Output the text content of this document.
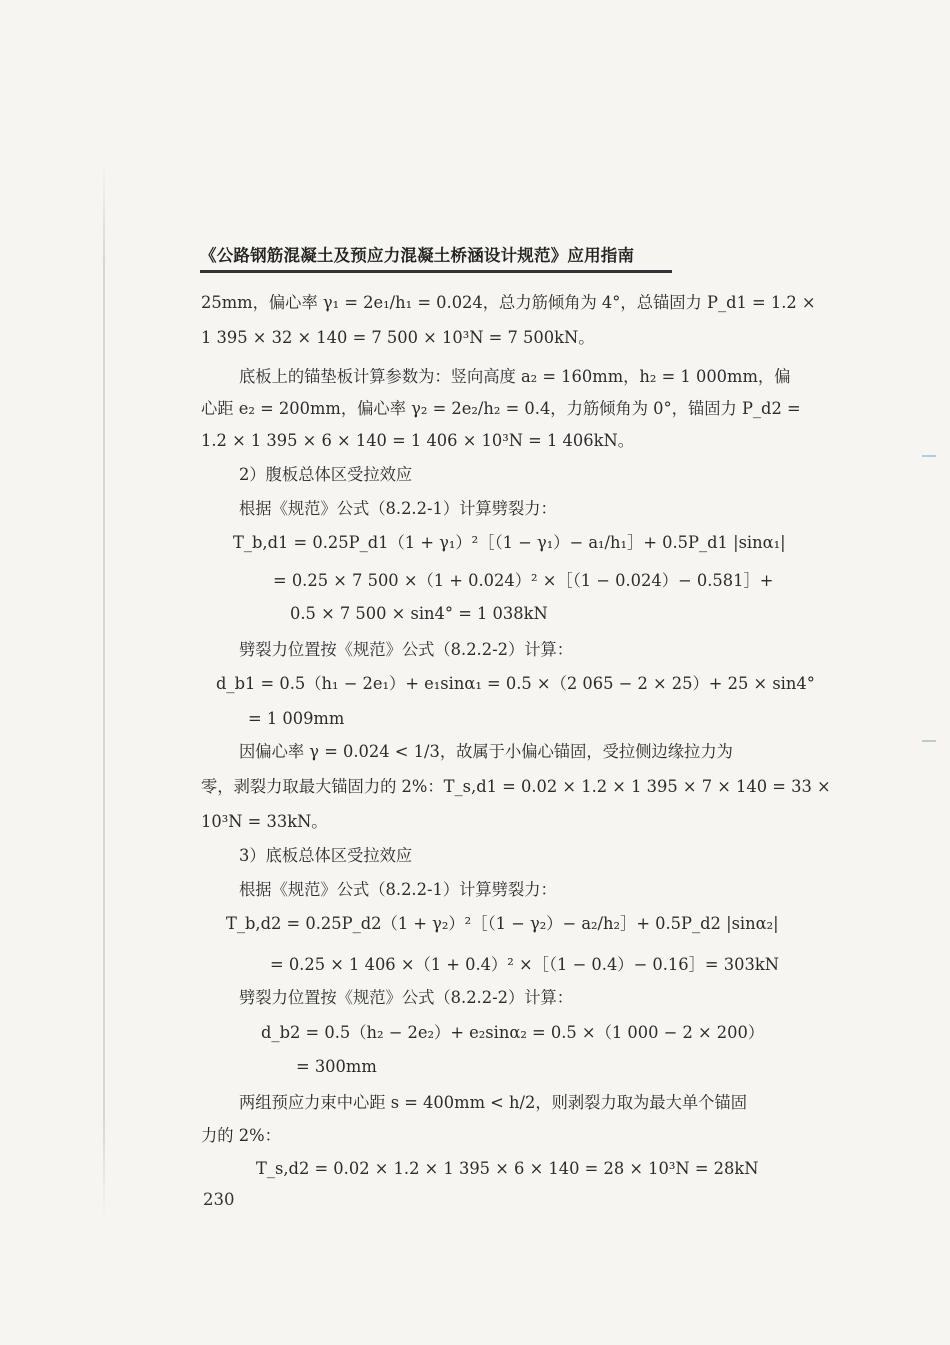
《公路钢筋混凝土及预应力混凝土桥涵设计规范》应用指南
25mm，偏心率 γ₁ = 2e₁/h₁ = 0.024，总力筋倾角为 4°，总锚固力 P_d1 = 1.2 ×
1 395 × 32 × 140 = 7 500 × 10³N = 7 500kN。
底板上的锚垫板计算参数为：竖向高度 a₂ = 160mm，h₂ = 1 000mm，偏
心距 e₂ = 200mm，偏心率 γ₂ = 2e₂/h₂ = 0.4，力筋倾角为 0°，锚固力 P_d2 =
1.2 × 1 395 × 6 × 140 = 1 406 × 10³N = 1 406kN。
2）腹板总体区受拉效应
根据《规范》公式（8.2.2-1）计算劈裂力：
T_b,d1 = 0.25P_d1（1 + γ₁）²［（1 − γ₁）− a₁/h₁］+ 0.5P_d1 |sinα₁|
= 0.25 × 7 500 ×（1 + 0.024）² ×［（1 − 0.024）− 0.581］+
0.5 × 7 500 × sin4° = 1 038kN
劈裂力位置按《规范》公式（8.2.2-2）计算：
d_b1 = 0.5（h₁ − 2e₁）+ e₁sinα₁ = 0.5 ×（2 065 − 2 × 25）+ 25 × sin4°
= 1 009mm
因偏心率 γ = 0.024 < 1/3，故属于小偏心锚固，受拉侧边缘拉力为
零，剥裂力取最大锚固力的 2%：T_s,d1 = 0.02 × 1.2 × 1 395 × 7 × 140 = 33 ×
10³N = 33kN。
3）底板总体区受拉效应
根据《规范》公式（8.2.2-1）计算劈裂力：
T_b,d2 = 0.25P_d2（1 + γ₂）²［（1 − γ₂）− a₂/h₂］+ 0.5P_d2 |sinα₂|
= 0.25 × 1 406 ×（1 + 0.4）² ×［（1 − 0.4）− 0.16］= 303kN
劈裂力位置按《规范》公式（8.2.2-2）计算：
d_b2 = 0.5（h₂ − 2e₂）+ e₂sinα₂ = 0.5 ×（1 000 − 2 × 200）
= 300mm
两组预应力束中心距 s = 400mm < h/2，则剥裂力取为最大单个锚固
力的 2%：
T_s,d2 = 0.02 × 1.2 × 1 395 × 6 × 140 = 28 × 10³N = 28kN
230
